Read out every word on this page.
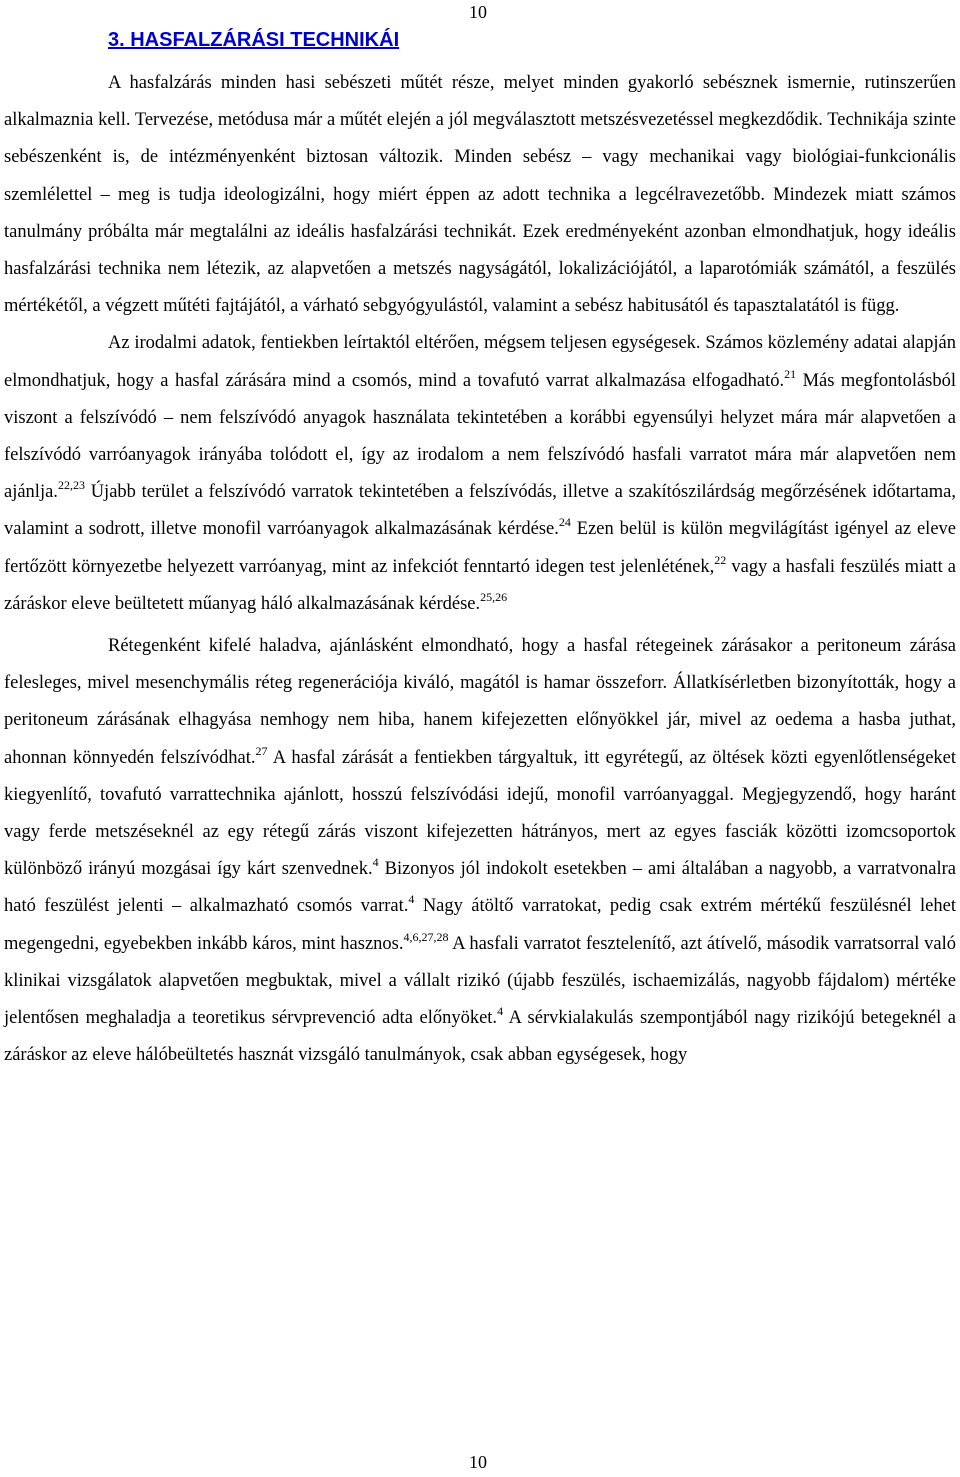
10
3. HASFALZÁRÁSI TECHNIKÁI

A hasfalzárás minden hasi sebészeti műtét része, melyet minden gyakorló sebésznek ismernie, rutinszerűen alkalmaznia kell. Tervezése, metódusa már a műtét elején a jól megválasztott metszésvezetéssel megkezdődik. Technikája szinte sebészenként is, de intézményenként biztosan változik. Minden sebész – vagy mechanikai vagy biológiai-funkcionális szemlélettel – meg is tudja ideologizálni, hogy miért éppen az adott technika a legcélravezetőbb. Mindezek miatt számos tanulmány próbálta már megtalálni az ideális hasfalzárási technikát. Ezek eredményeként azonban elmondhatjuk, hogy ideális hasfalzárási technika nem létezik, az alapvetően a metszés nagyságától, lokalizációjától, a laparotómiák számától, a feszülés mértékétől, a végzett műtéti fajtájától, a várható sebgyógyulástól, valamint a sebész habitusától és tapasztalatától is függ.

Az irodalmi adatok, fentiekben leírtaktól eltérően, mégsem teljesen egységesek. Számos közlemény adatai alapján elmondhatjuk, hogy a hasfal zárására mind a csomós, mind a tovafutó varrat alkalmazása elfogadható.$^{21}$ Más megfontolásból viszont a felszívódó – nem felszívódó anyagok használata tekintetében a korábbi egyensúlyi helyzet mára már alapvetően a felszívódó varróanyagok irányába tolódott el, így az irodalom a nem felszívódó hasfali varratot mára már alapvetően nem ajánlja.$^{22,23}$ Újabb terület a felszívódó varratok tekintetében a felszívódás, illetve a szakítószilárdság megőrzésének időtartama, valamint a sodrott, illetve monofil varróanyagok alkalmazásának kérdése.$^{24}$ Ezen belül is külön megvilágítást igényel az eleve fertőzött környezetbe helyezett varróanyag, mint az infekciót fenntartó idegen test jelenlétének,$^{22}$ vagy a hasfali feszülés miatt a záráskor eleve beültetett műanyag háló alkalmazásának kérdése.$^{25,26}$

Rétegenként kifelé haladva, ajánlásként elmondható, hogy a hasfal rétegeinek zárásakor a peritoneum zárása felesleges, mivel mesenchymális réteg regenerációja kiváló, magától is hamar összeforr. Állatkísérletben bizonyították, hogy a peritoneum zárásának elhagyása nemhogy nem hiba, hanem kifejezetten előnyökkel jár, mivel az oedema a hasba juthat, ahonnan könnyedén felszívódhat.$^{27}$ A hasfal zárását a fentiekben tárgyaltuk, itt egyrétegű, az öltések közti egyenlőtlenségeket kiegyenlítő, tovafutó varrattechnika ajánlott, hosszú felszívódási idejű, monofil varróanyaggal. Megjegyzendő, hogy haránt vagy ferde metszéseknél az egy rétegű zárás viszont kifejezetten hátrányos, mert az egyes fasciák közötti izomcsoportok különböző irányú mozgásai így kárt szenvednek.$^4$ Bizonyos jól indokolt esetekben – ami általában a nagyobb, a varratvonalra ható feszülést jelenti – alkalmazható csomós varrat.$^4$ Nagy átöltő varratokat, pedig csak extrém mértékű feszülésnél lehet megengedni, egyebekben inkább káros, mint hasznos.$^{4,6,27,28}$ A hasfali varratot fesztelenítő, azt átívelő, második varratsorral való klinikai vizsgálatok alapvetően megbuktak, mivel a vállalt rizikó (újabb feszülés, ischaemizálás, nagyobb fájdalom) mértéke jelentősen meghaladja a teoretikus sérvprevenció adta előnyöket.$^4$ A sérvkialakulás szempontjából nagy rizikójú betegeknél a záráskor az eleve hálóbeültetés hasznát vizsgáló tanulmányok, csak abban egységesek, hogy

10
